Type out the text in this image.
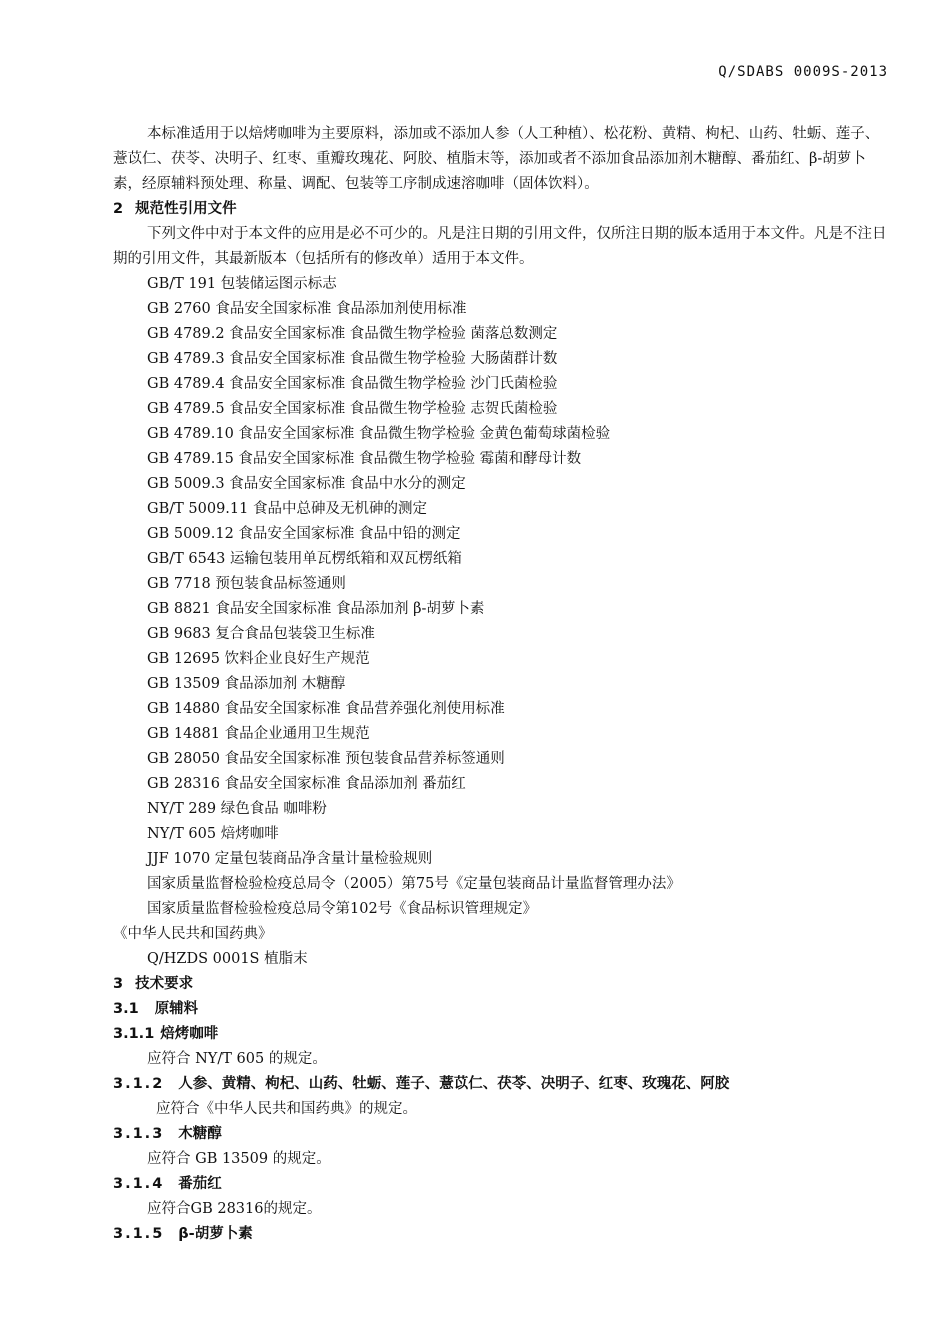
Q/SDABS 0009S-2013

本标准适用于以焙烤咖啡为主要原料，添加或不添加人参（人工种植）、松花粉、黄精、枸杞、山药、牡蛎、莲子、薏苡仁、茯苓、决明子、红枣、重瓣玫瑰花、阿胶、植脂末等，添加或者不添加食品添加剂木糖醇、番茄红、β-胡萝卜素，经原辅料预处理、称量、调配、包装等工序制成速溶咖啡（固体饮料）。

2 规范性引用文件

下列文件中对于本文件的应用是必不可少的。凡是注日期的引用文件，仅所注日期的版本适用于本文件。凡是不注日期的引用文件，其最新版本（包括所有的修改单）适用于本文件。

GB/T 191 包装储运图示标志
GB 2760 食品安全国家标准 食品添加剂使用标准
GB 4789.2 食品安全国家标准 食品微生物学检验 菌落总数测定
GB 4789.3 食品安全国家标准 食品微生物学检验 大肠菌群计数
GB 4789.4 食品安全国家标准 食品微生物学检验 沙门氏菌检验
GB 4789.5 食品安全国家标准 食品微生物学检验 志贺氏菌检验
GB 4789.10 食品安全国家标准 食品微生物学检验 金黄色葡萄球菌检验
GB 4789.15 食品安全国家标准 食品微生物学检验 霉菌和酵母计数
GB 5009.3 食品安全国家标准 食品中水分的测定
GB/T 5009.11 食品中总砷及无机砷的测定
GB 5009.12 食品安全国家标准 食品中铅的测定
GB/T 6543 运输包装用单瓦楞纸箱和双瓦楞纸箱
GB 7718 预包装食品标签通则
GB 8821 食品安全国家标准 食品添加剂 β-胡萝卜素
GB 9683 复合食品包装袋卫生标准
GB 12695 饮料企业良好生产规范
GB 13509 食品添加剂 木糖醇
GB 14880 食品安全国家标准 食品营养强化剂使用标准
GB 14881 食品企业通用卫生规范
GB 28050 食品安全国家标准 预包装食品营养标签通则
GB 28316 食品安全国家标准 食品添加剂 番茄红
NY/T 289 绿色食品 咖啡粉
NY/T 605 焙烤咖啡
JJF 1070 定量包装商品净含量计量检验规则
国家质量监督检验检疫总局令（2005）第75号《定量包装商品计量监督管理办法》
国家质量监督检验检疫总局令第102号《食品标识管理规定》
《中华人民共和国药典》
Q/HZDS 0001S 植脂末
3 技术要求
3.1 原辅料
3.1.1 焙烤咖啡
应符合 NY/T 605 的规定。
3.1.2 人参、黄精、枸杞、山药、牡蛎、莲子、薏苡仁、茯苓、决明子、红枣、玫瑰花、阿胶
应符合《中华人民共和国药典》的规定。
3.1.3 木糖醇
应符合 GB 13509 的规定。
3.1.4 番茄红
应符合GB 28316的规定。
3.1.5 β-胡萝卜素
